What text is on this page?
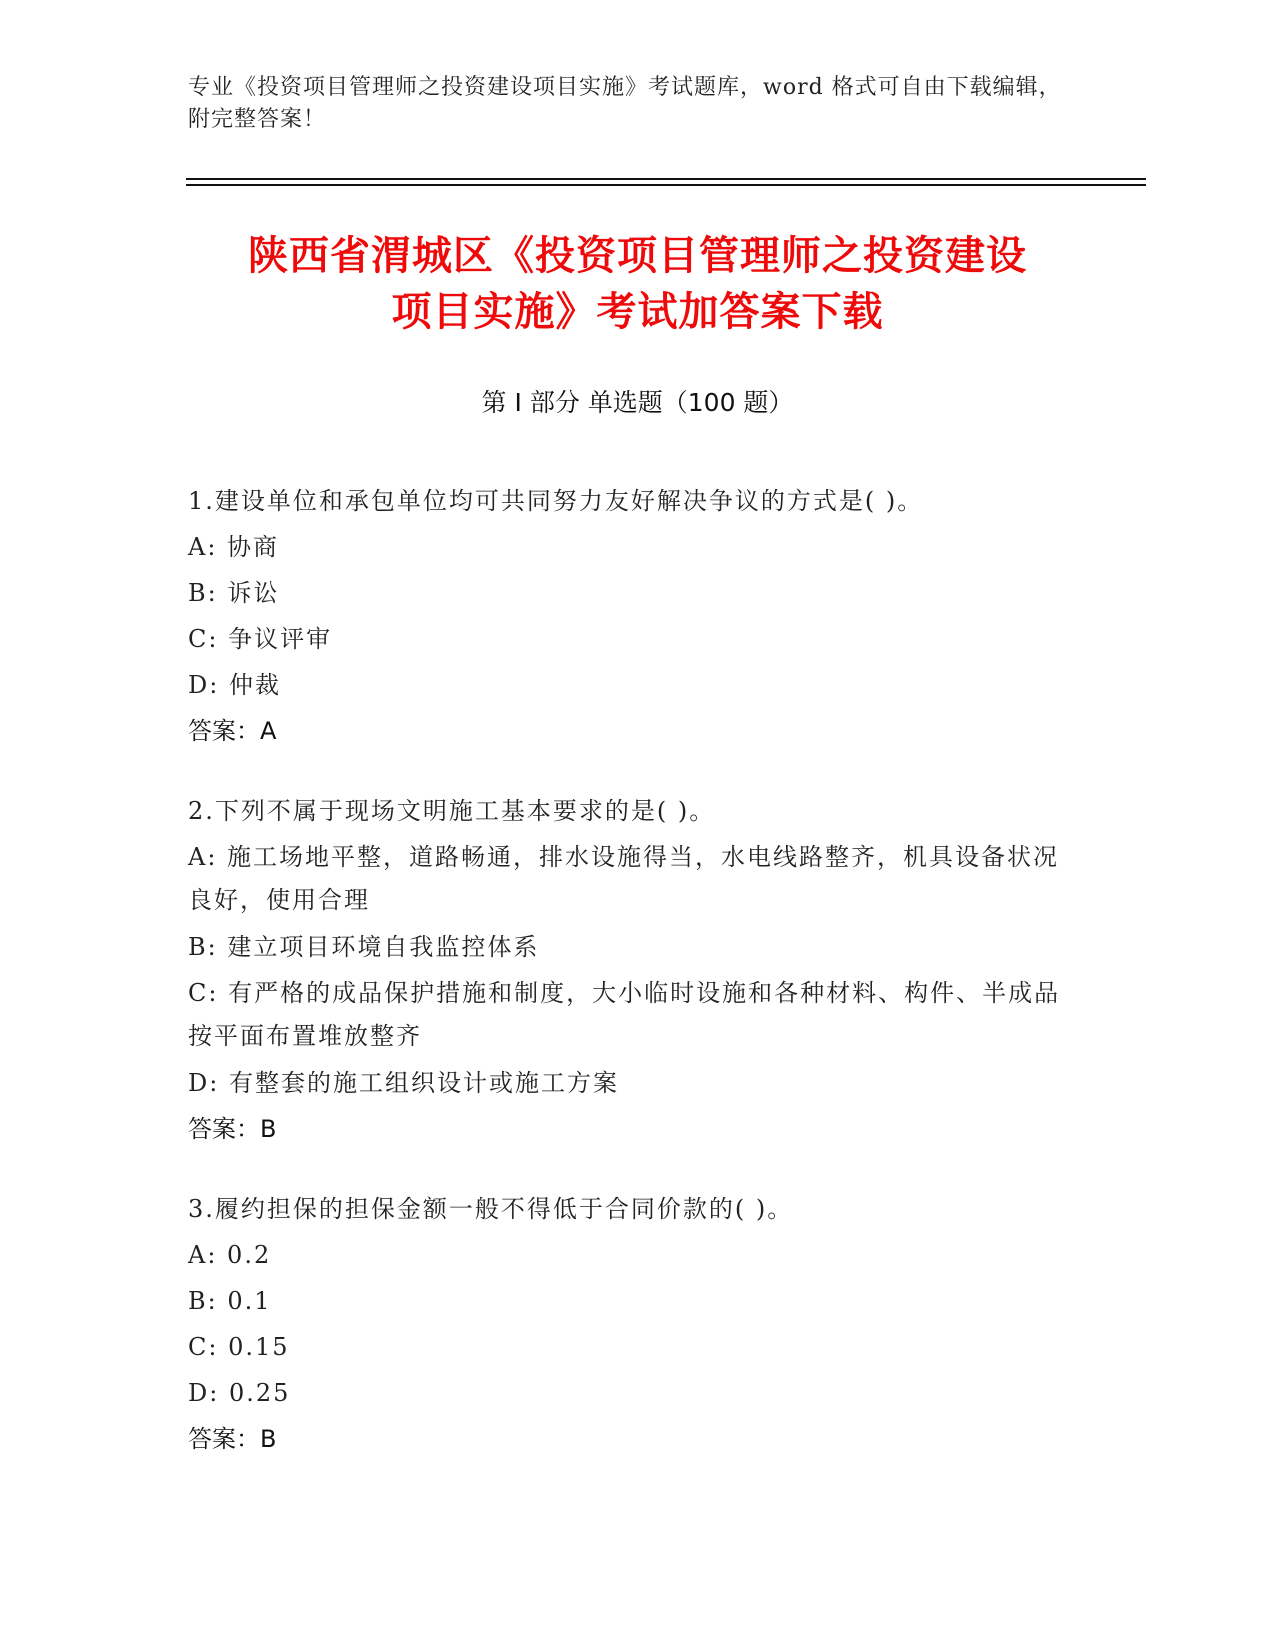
专业《投资项目管理师之投资建设项目实施》考试题库，word 格式可自由下载编辑，附完整答案！
陕西省渭城区《投资项目管理师之投资建设
项目实施》考试加答案下载
第 I 部分 单选题（100 题）
1.建设单位和承包单位均可共同努力友好解决争议的方式是( )。
A: 协商
B: 诉讼
C: 争议评审
D: 仲裁
答案：A
2.下列不属于现场文明施工基本要求的是( )。
A: 施工场地平整，道路畅通，排水设施得当，水电线路整齐，机具设备状况良好，使用合理
B: 建立项目环境自我监控体系
C: 有严格的成品保护措施和制度，大小临时设施和各种材料、构件、半成品按平面布置堆放整齐
D: 有整套的施工组织设计或施工方案
答案：B
3.履约担保的担保金额一般不得低于合同价款的( )。
A: 0.2
B: 0.1
C: 0.15
D: 0.25
答案：B
